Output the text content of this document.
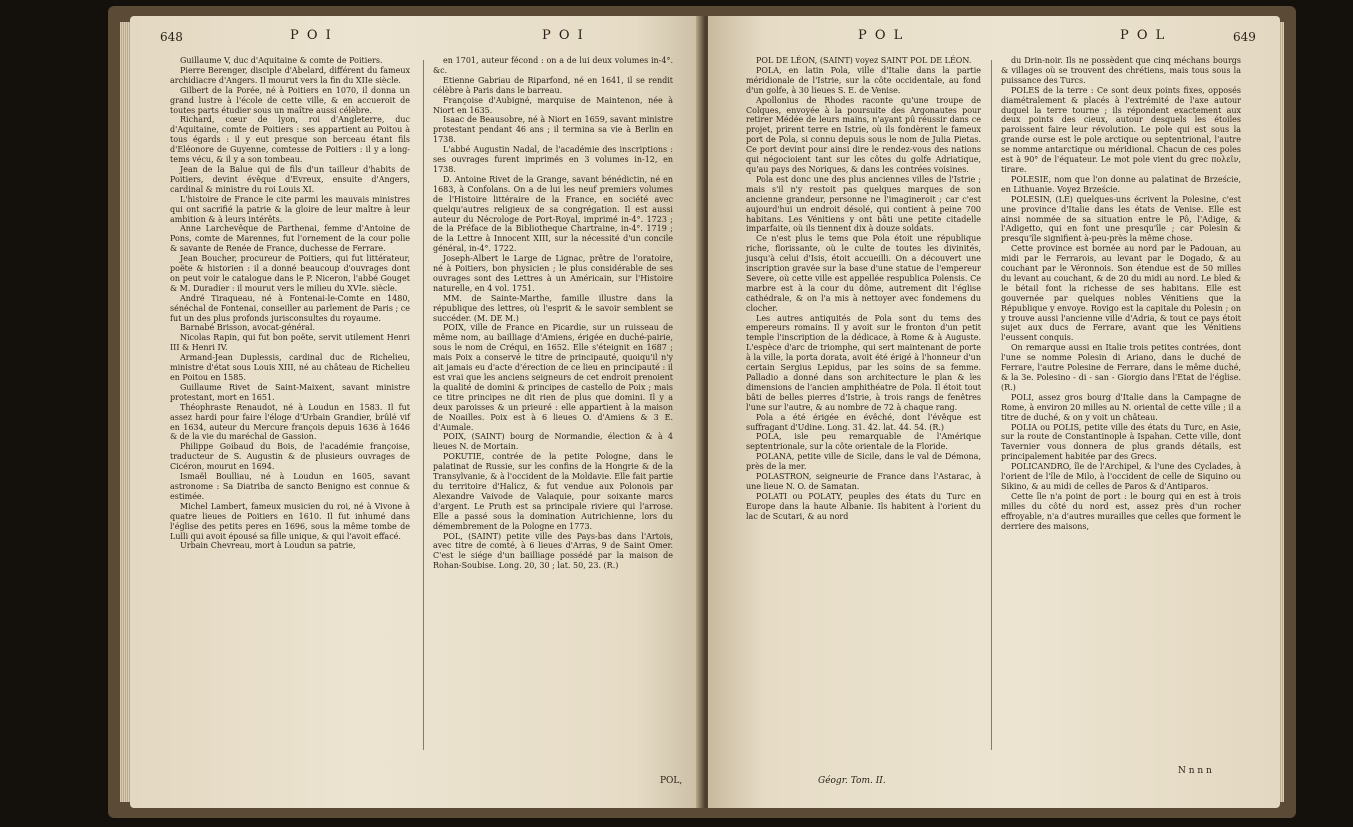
648	P O I	P O I

Guillaume V, duc d'Aquitaine & comte de Poitiers.

Pierre Berenger, disciple d'Abelard, différent du fameux archidiacre d'Angers. Il mourut vers la fin du XIIe siècle.

Gilbert de la Porée, né à Poitiers en 1070, il donna un grand lustre à l'école de cette ville, & en accueroit de toutes parts étudier sous un maître aussi célèbre.

Richard, cœur de lyon, roi d'Angleterre, duc d'Aquitaine, comte de Poitiers : ses appartient au Poitou à tous égards : il y eut presque son berceau étant fils d'Eléonore de Guyenne, comtesse de Poitiers : il y a long-tems vécu, & il y a son tombeau.

Jean de la Balue qui de fils d'un tailleur d'habits de Poitiers, devint évêque d'Evreux, ensuite d'Angers, cardinal & ministre du roi Louis XI.

L'histoire de France le cite parmi les mauvais ministres qui ont sacrifié la patrie & la gloire de leur maître à leur ambition & à leurs intérêts.

Anne Larchevêque de Parthenai, femme d'Antoine de Pons, comte de Marennes, fut l'ornement de la cour polie & savante de Renée de France, duchesse de Ferrare.

Jean Boucher, procureur de Poitiers, qui fut littérateur, poëte & historien : il a donné beaucoup d'ouvrages dont on peut voir le catalogue dans le P. Niceron, l'abbé Gouget & M. Duradier : il mourut vers le milieu du XVIe. siècle.

André Tiraqueau, né à Fontenai-le-Comte en 1480, sénéchal de Fontenai, conseiller au parlement de Paris ; ce fut un des plus profonds jurisconsultes du royaume.

Barnabé Brisson, avocat-général.

Nicolas Rapin, qui fut bon poëte, servit utilement Henri III & Henri IV.

Armand-Jean Duplessis, cardinal duc de Richelieu, ministre d'état sous Louis XIII, né au château de Richelieu en Poitou en 1585.

Guillaume Rivet de Saint-Maixent, savant ministre protestant, mort en 1651.

Théophraste Renaudot, né à Loudun en 1583. Il fut assez hardi pour faire l'éloge d'Urbain Grandier, brûlé vif en 1634, auteur du Mercure françois depuis 1636 à 1646 & de la vie du maréchal de Gassion.

Philippe Goibaud du Bois, de l'académie françoise, traducteur de S. Augustin & de plusieurs ouvrages de Cicéron, mourut en 1694.

Ismaël Boulliau, né à Loudun en 1605, savant astronome : Sa Diatriba de sancto Benigno est connue & estimée.

Michel Lambert, fameux musicien du roi, né à Vivone à quatre lieues de Poitiers en 1610. Il fut inhumé dans l'église des petits peres en 1696, sous la même tombe de Lulli qui avoit épousé sa fille unique, & qui l'avoit effacé.

Urbain Chevreau, mort à Loudun sa patrie,

en 1701, auteur fécond : on a de lui deux volumes in-4°. &c.

Etienne Gabriau de Riparfond, né en 1641, il se rendit célèbre à Paris dans le barreau.

Françoise d'Aubigné, marquise de Maintenon, née à Niort en 1635.

Isaac de Beausobre, né à Niort en 1659, savant ministre protestant pendant 46 ans ; il termina sa vie à Berlin en 1738.

L'abbé Augustin Nadal, de l'académie des inscriptions : ses ouvrages furent imprimés en 3 volumes in-12, en 1738.

D. Antoine Rivet de la Grange, savant bénédictin, né en 1683, à Confolans. On a de lui les neuf premiers volumes de l'Histoire littéraire de la France, en société avec quelqu'autres religieux de sa congrégation. Il est aussi auteur du Nécrologe de Port-Royal, imprimé in-4°. 1723 ; de la Préface de la Bibliotheque Chartraine, in-4°. 1719 ; de la Lettre à Innocent XIII, sur la nécessité d'un concile général, in-4°. 1722.

Joseph-Albert le Large de Lignac, prêtre de l'oratoire, né à Poitiers, bon physicien ; le plus considérable de ses ouvrages sont des Lettres à un Américain, sur l'Histoire naturelle, en 4 vol. 1751.

MM. de Sainte-Marthe, famille illustre dans la république des lettres, où l'esprit & le savoir semblent se succéder. (M. DE M.)

POIX, ville de France en Picardie, sur un ruisseau de même nom, au bailliage d'Amiens, érigée en duché-pairie, sous le nom de Créqui, en 1652. Elle s'éteignit en 1687 ; mais Poix a conservé le titre de principauté, quoiqu'il n'y ait jamais eu d'acte d'érection de ce lieu en principauté : il est vrai que les anciens seigneurs de cet endroit prenoient la qualité de domini & principes de castello de Poix ; mais ce titre principes ne dit rien de plus que domini. Il y a deux paroisses & un prieuré : elle appartient à la maison de Noailles. Poix est à 6 lieues O. d'Amiens & 3 E. d'Aumale.

POIX, (SAINT) bourg de Normandie, élection & à 4 lieues N. de Mortain.

POKUTIE, contrée de la petite Pologne, dans le palatinat de Russie, sur les confins de la Hongrie & de la Transylvanie, & à l'occident de la Moldavie. Elle fait partie du territoire d'Halicz, & fut vendue aux Polonois par Alexandre Vaivode de Valaquie, pour soixante marcs d'argent. Le Pruth est sa principale riviere qui l'arrose. Elle a passé sous la domination Autrichienne, lors du démembrement de la Pologne en 1773.

POL, (SAINT) petite ville des Pays-bas dans l'Artois, avec titre de comté, à 6 lieues d'Arras, 9 de Saint Omer. C'est le siége d'un bailliage possédé par la maison de Rohan-Soubise. Long. 20, 30 ; lat. 50, 23. (R.)

POL,
P O L	P O L	649

POL DE LÉON, (SAINT) voyez SAINT POL DE LÉON.

POLA, en latin Pola, ville d'Italie dans la partie méridionale de l'Istrie, sur la côte occidentale, au fond d'un golfe, à 30 lieues S. E. de Venise.

Apollonius de Rhodes raconte qu'une troupe de Colques, envoyée à la poursuite des Argonautes pour retirer Médée de leurs mains, n'ayant pû réussir dans ce projet, prirent terre en Istrie, où ils fondèrent le fameux port de Pola, si connu depuis sous le nom de Julia Pietas. Ce port devint pour ainsi dire le rendez-vous des nations qui négocioient tant sur les côtes du golfe Adriatique, qu'au pays des Noriques, & dans les contrées voisines.

Pola est donc une des plus anciennes villes de l'Istrie ; mais s'il n'y restoit pas quelques marques de son ancienne grandeur, personne ne l'imagineroit ; car c'est aujourd'hui un endroit désolé, qui contient à peine 700 habitans. Les Vénitiens y ont bâti une petite citadelle imparfaite, où ils tiennent dix à douze soldats.

Ce n'est plus le tems que Pola étoit une république riche, florissante, où le culte de toutes les divinités, jusqu'à celui d'Isis, étoit accueilli. On a découvert une inscription gravée sur la base d'une statue de l'empereur Severe, où cette ville est appellée respublica Polensis. Ce marbre est à la cour du dôme, autrement dit l'église cathédrale, & on l'a mis à nettoyer avec fondemens du clocher.

Les autres antiquités de Pola sont du tems des empereurs romains. Il y avoit sur le fronton d'un petit temple l'inscription de la dédicace, à Rome & à Auguste. L'espèce d'arc de triomphe, qui sert maintenant de porte à la ville, la porta dorata, avoit été érigé à l'honneur d'un certain Sergius Lepidus, par les soins de sa femme. Palladio a donné dans son architecture le plan & les dimensions de l'ancien amphithéatre de Pola. Il étoit tout bâti de belles pierres d'Istrie, à trois rangs de fenêtres l'une sur l'autre, & au nombre de 72 à chaque rang.

Pola a été érigée en évêché, dont l'évêque est suffragant d'Udine. Long. 31. 42. lat. 44. 54. (R.)

POLA, isle peu remarquable de l'Amérique septentrionale, sur la côte orientale de la Floride.

POLANA, petite ville de Sicile, dans le val de Démona, près de la mer.

POLASTRON, seigneurie de France dans l'Astarac, à une lieue N. O. de Samatan.

POLATI ou POLATY, peuples des états du Turc en Europe dans la haute Albanie. Ils habitent à l'orient du lac de Scutari, & au nord

du Drin-noir. Ils ne possèdent que cinq méchans bourgs & villages où se trouvent des chrétiens, mais tous sous la puissance des Turcs.

POLES de la terre : Ce sont deux points fixes, opposés diamétralement & placés à l'extrémité de l'axe autour duquel la terre tourne ; ils répondent exactement aux deux points des cieux, autour desquels les étoiles paroissent faire leur révolution. Le pole qui est sous la grande ourse est le pole arctique ou septentrional, l'autre se nomme antarctique ou méridional. Chacun de ces poles est à 90° de l'équateur. Le mot pole vient du grec πολεῖν, tirare.

POLESIE, nom que l'on donne au palatinat de Brzeście, en Lithuanie. Voyez Brzeście.

POLESIN, (LE) quelques-uns écrivent la Polesine, c'est une province d'Italie dans les états de Venise. Elle est ainsi nommée de sa situation entre le Pô, l'Adige, & l'Adigetto, qui en font une presqu'île ; car Polesin & presqu'île signifient à-peu-près la même chose.

Cette province est bornée au nord par le Padouan, au midi par le Ferrarois, au levant par le Dogado, & au couchant par le Véronnois. Son étendue est de 50 milles du levant au couchant, & de 20 du midi au nord. Le bled & le bétail font la richesse de ses habitans. Elle est gouvernée par quelques nobles Vénitiens que la République y envoye. Rovigo est la capitale du Polesin ; on y trouve aussi l'ancienne ville d'Adria, & tout ce pays étoit sujet aux ducs de Ferrare, avant que les Vénitiens l'eussent conquis.

On remarque aussi en Italie trois petites contrées, dont l'une se nomme Polesin di Ariano, dans le duché de Ferrare, l'autre Polesine de Ferrare, dans le même duché, & la 3e. Polesino - di - san - Giorgio dans l'Etat de l'église. (R.)

POLI, assez gros bourg d'Italie dans la Campagne de Rome, à environ 20 milles au N. oriental de cette ville ; il a titre de duché, & on y voit un château.

POLIA ou POLIS, petite ville des états du Turc, en Asie, sur la route de Constantinople à Ispahan. Cette ville, dont Tavernier vous donnera de plus grands détails, est principalement habitée par des Grecs.

POLICANDRO, île de l'Archipel, & l'une des Cyclades, à l'orient de l'île de Milo, à l'occident de celle de Siquino ou Sikino, & au midi de celles de Paros & d'Antiparos.

Cette île n'a point de port : le bourg qui en est à trois milles du côté du nord est, assez près d'un rocher effroyable, n'a d'autres murailles que celles que forment le derriere des maisons,

Géogr. Tom. II.
N n n n
